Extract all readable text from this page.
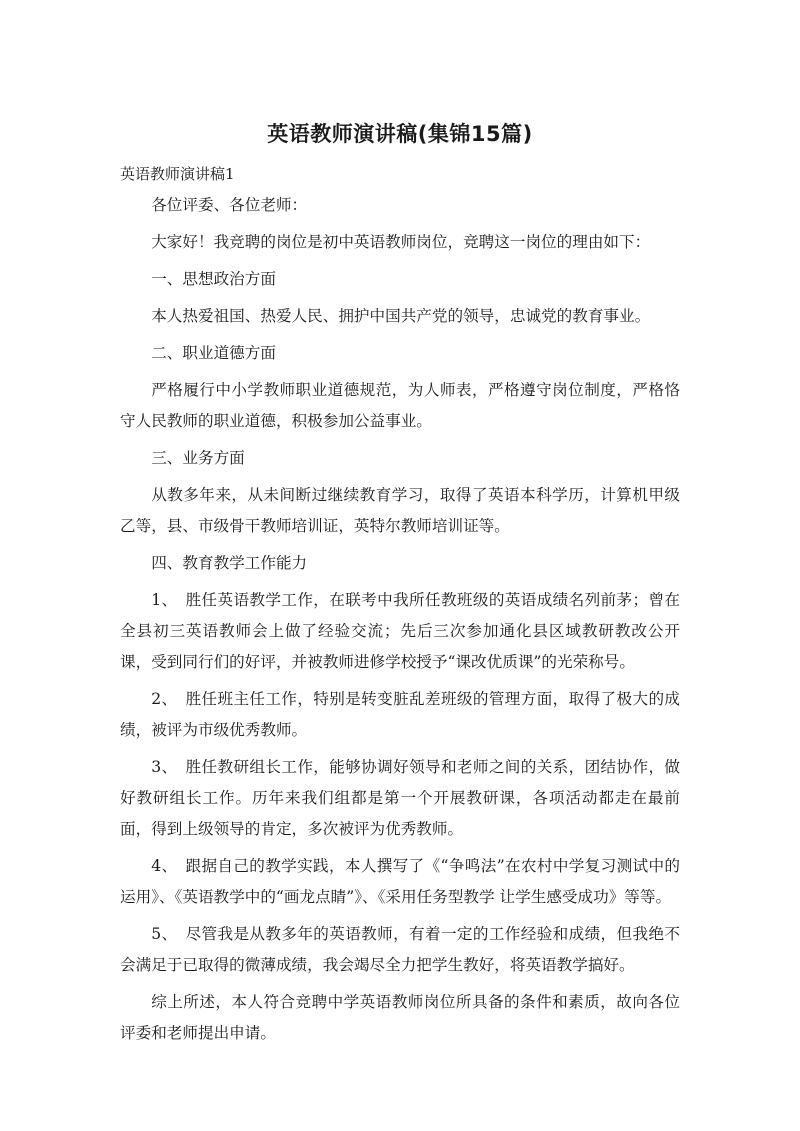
英语教师演讲稿(集锦15篇)
英语教师演讲稿1

各位评委、各位老师：

大家好！我竞聘的岗位是初中英语教师岗位，竞聘这一岗位的理由如下：

一、思想政治方面

本人热爱祖国、热爱人民、拥护中国共产党的领导，忠诚党的教育事业。

二、职业道德方面

严格履行中小学教师职业道德规范，为人师表，严格遵守岗位制度，严格恪守人民教师的职业道德，积极参加公益事业。

三、业务方面

从教多年来，从未间断过继续教育学习，取得了英语本科学历，计算机甲级乙等，县、市级骨干教师培训证，英特尔教师培训证等。

四、教育教学工作能力

1、　胜任英语教学工作，在联考中我所任教班级的英语成绩名列前茅；曾在全县初三英语教师会上做了经验交流；先后三次参加通化县区域教研教改公开课，受到同行们的好评，并被教师进修学校授予“课改优质课”的光荣称号。

2、　胜任班主任工作，特别是转变脏乱差班级的管理方面，取得了极大的成绩，被评为市级优秀教师。

3、　胜任教研组长工作，能够协调好领导和老师之间的关系，团结协作，做好教研组长工作。历年来我们组都是第一个开展教研课，各项活动都走在最前面，得到上级领导的肯定，多次被评为优秀教师。

4、　跟据自己的教学实践，本人撰写了《“争鸣法”在农村中学复习测试中的运用》、《英语教学中的“画龙点睛”》、《采用任务型教学 让学生感受成功》等等。

5、　尽管我是从教多年的英语教师，有着一定的工作经验和成绩，但我绝不会满足于已取得的微薄成绩，我会竭尽全力把学生教好，将英语教学搞好。

综上所述，本人符合竞聘中学英语教师岗位所具备的条件和素质，故向各位评委和老师提出申请。
